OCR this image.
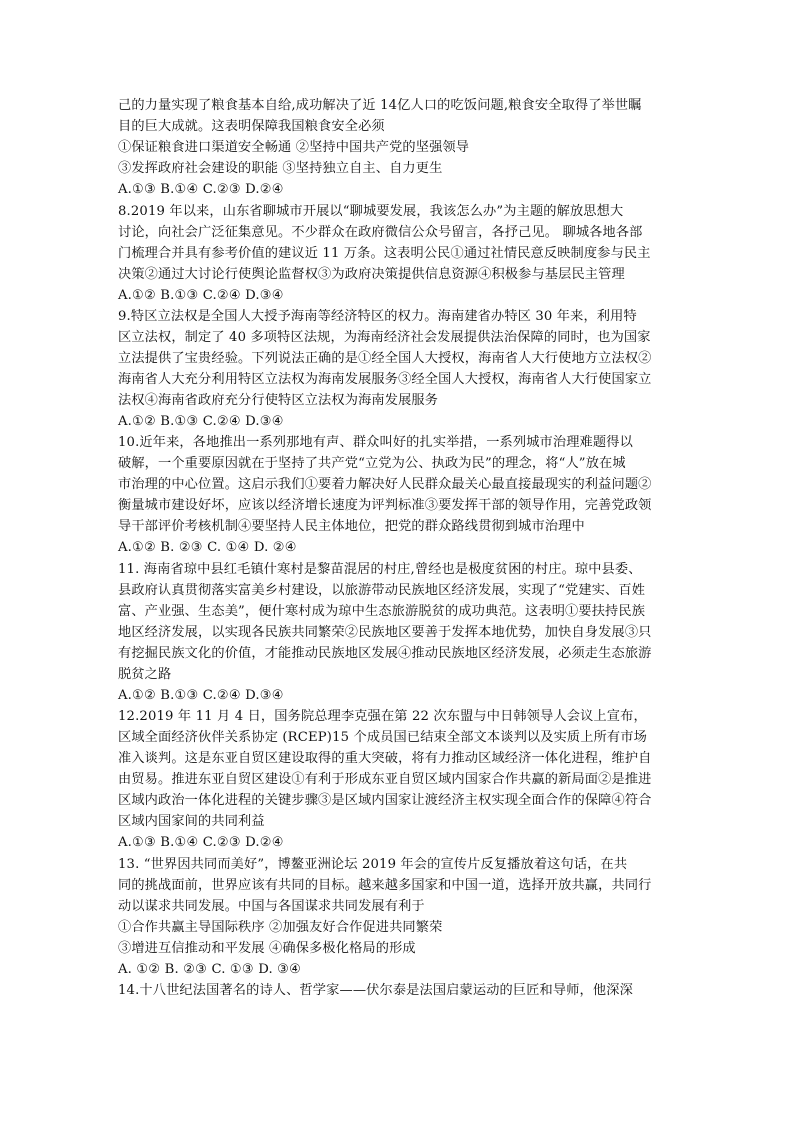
己的力量实现了粮食基本自给,成功解决了近 14亿人口的吃饭问题,粮食安全取得了举世瞩
目的巨大成就。这表明保障我国粮食安全必须
①保证粮食进口渠道安全畅通 ②坚持中国共产党的坚强领导
③发挥政府社会建设的职能 ③坚持独立自主、自力更生
A.①③ B.①④ C.②③ D.②④
8.2019 年以来，山东省聊城市开展以“聊城要发展，我该怎么办”为主题的解放思想大
讨论，向社会广泛征集意见。不少群众在政府微信公众号留言，各抒己见。 聊城各地各部
门梳理合并具有参考价值的建议近 11 万条。这表明公民①通过社情民意反映制度参与民主
决策②通过大讨论行使舆论监督权③为政府决策提供信息资源④积极参与基层民主管理
A.①② B.①③ C.②④ D.③④
9.特区立法权是全国人大授予海南等经济特区的权力。海南建省办特区 30 年来，利用特
区立法权，制定了 40 多项特区法规，为海南经济社会发展提供法治保障的同时，也为国家
立法提供了宝贵经验。下列说法正确的是①经全国人大授权，海南省人大行使地方立法权②
海南省人大充分利用特区立法权为海南发展服务③经全国人大授权，海南省人大行使国家立
法权④海南省政府充分行使特区立法权为海南发展服务
A.①② B.①③ C.②④ D.③④
10.近年来，各地推出一系列那地有声、群众叫好的扎实举措，一系列城市治理难题得以
破解，一个重要原因就在于坚持了共产党“立党为公、执政为民”的理念，将“人”放在城
市治理的中心位置。这启示我们①要着力解决好人民群众最关心最直接最现实的利益问题②
衡量城市建设好坏，应该以经济增长速度为评判标准③要发挥干部的领导作用，完善党政领
导干部评价考核机制④要坚持人民主体地位，把党的群众路线贯彻到城市治理中
A.①② B. ②③ C. ①④ D. ②④
11. 海南省琼中县红毛镇什寒村是黎苗混居的村庄,曾经也是极度贫困的村庄。琼中县委、
县政府认真贯彻落实富美乡村建设，以旅游带动民族地区经济发展，实现了“党建实、百姓
富、产业强、生态美”，便什寒村成为琼中生态旅游脱贫的成功典范。这表明①要扶持民族
地区经济发展，以实现各民族共同繁荣②民族地区要善于发挥本地优势，加快自身发展③只
有挖掘民族文化的价值，才能推动民族地区发展④推动民族地区经济发展，必须走生态旅游
脱贫之路
A.①② B.①③ C.②④ D.③④
12.2019 年 11 月 4 日，国务院总理李克强在第 22 次东盟与中日韩领导人会议上宣布，
区域全面经济伙伴关系协定 (RCEP)15 个成员国已结束全部文本谈判以及实质上所有市场
准入谈判。这是东亚自贸区建设取得的重大突破，将有力推动区域经济一体化进程，维护自
由贸易。推进东亚自贸区建设①有利于形成东亚自贸区域内国家合作共赢的新局面②是推进
区域内政治一体化进程的关键步骤③是区域内国家让渡经济主权实现全面合作的保障④符合
区域内国家间的共同利益
A.①③ B.①④ C.②③ D.②④
13. “世界因共同而美好”，博鳌亚洲论坛 2019 年会的宣传片反复播放着这句话，在共
同的挑战面前，世界应该有共同的目标。越来越多国家和中国一道，选择开放共赢，共同行
动以谋求共同发展。中国与各国谋求共同发展有利于
①合作共赢主导国际秩序 ②加强友好合作促进共同繁荣
③增进互信推动和平发展 ④确保多极化格局的形成
A. ①② B. ②③ C. ①③ D. ③④
14.十八世纪法国著名的诗人、哲学家——伏尔泰是法国启蒙运动的巨匠和导师，他深深
